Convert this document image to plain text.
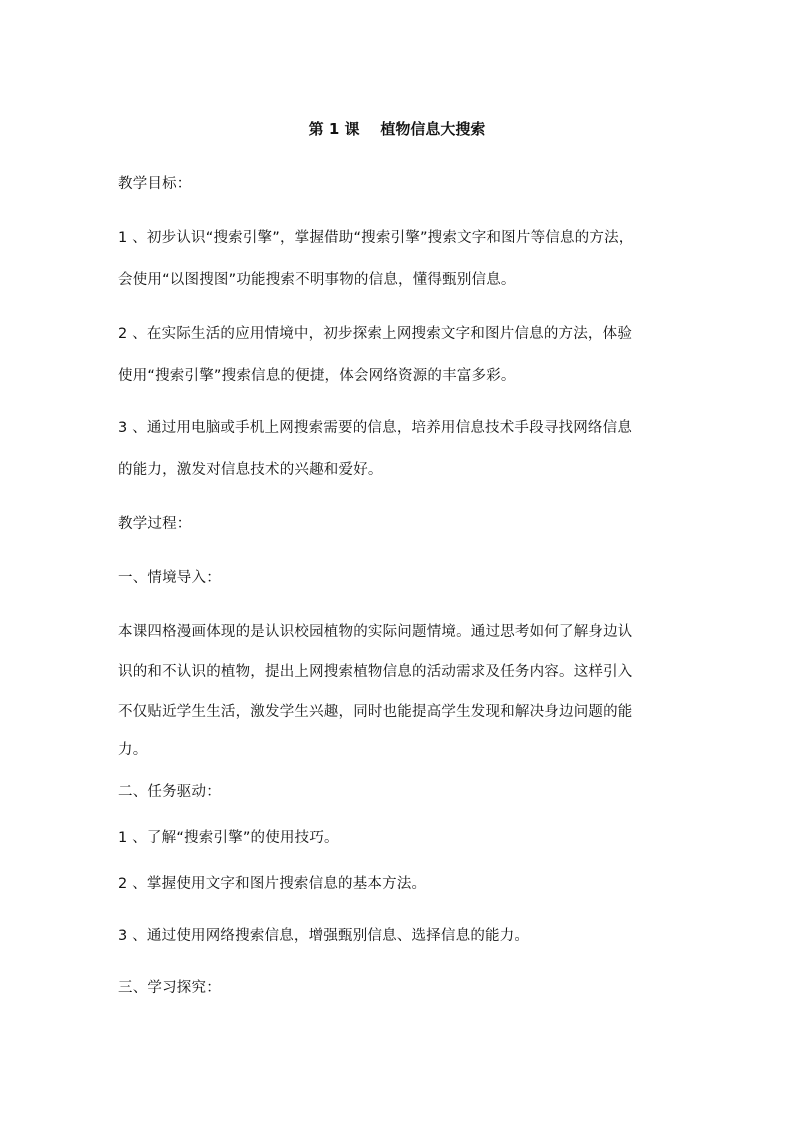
第 1 课    植物信息大搜索
教学目标：
1 、初步认识“搜索引擎”，掌握借助“搜索引擎”搜索文字和图片等信息的方法，
会使用“以图搜图”功能搜索不明事物的信息，懂得甄别信息。
2 、在实际生活的应用情境中，初步探索上网搜索文字和图片信息的方法，体验
使用“搜索引擎”搜索信息的便捷，体会网络资源的丰富多彩。
3 、通过用电脑或手机上网搜索需要的信息，培养用信息技术手段寻找网络信息
的能力，激发对信息技术的兴趣和爱好。
教学过程：
一、情境导入：
本课四格漫画体现的是认识校园植物的实际问题情境。通过思考如何了解身边认
识的和不认识的植物，提出上网搜索植物信息的活动需求及任务内容。这样引入
不仅贴近学生生活，激发学生兴趣，同时也能提高学生发现和解决身边问题的能
力。
二、任务驱动：
1 、了解“搜索引擎”的使用技巧。
2 、掌握使用文字和图片搜索信息的基本方法。
3 、通过使用网络搜索信息，增强甄别信息、选择信息的能力。
三、学习探究：
